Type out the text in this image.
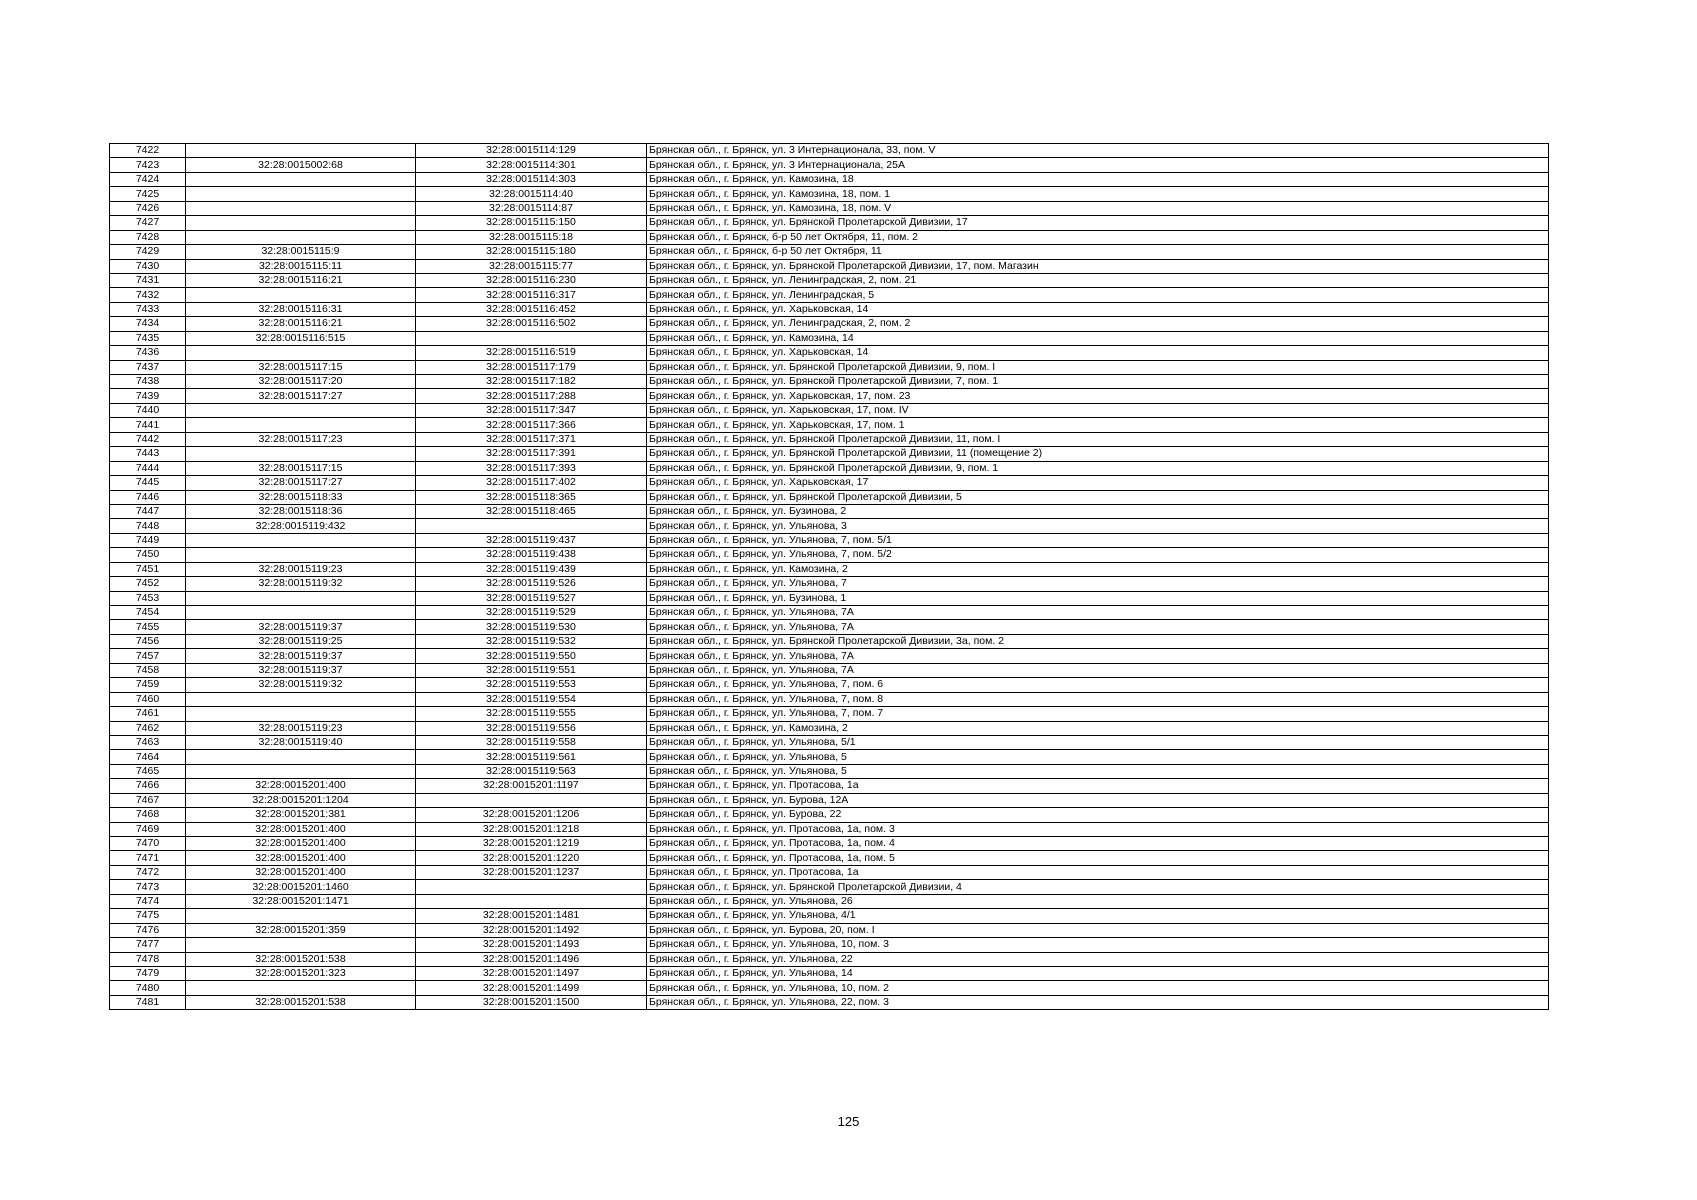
7422		32:28:0015114:129	Брянская обл., г. Брянск, ул. 3 Интернационала, 33, пом. V
7423	32:28:0015002:68	32:28:0015114:301	Брянская обл., г. Брянск, ул. 3 Интернационала, 25А
7424		32:28:0015114:303	Брянская обл., г. Брянск, ул. Камозина, 18
7425		32:28:0015114:40	Брянская обл., г. Брянск, ул. Камозина, 18, пом. 1
7426		32:28:0015114:87	Брянская обл., г. Брянск, ул. Камозина, 18, пом. V
7427		32:28:0015115:150	Брянская обл., г. Брянск, ул. Брянской Пролетарской Дивизии, 17
7428		32:28:0015115:18	Брянская обл., г. Брянск, б-р 50 лет Октября, 11, пом. 2
7429	32:28:0015115:9	32:28:0015115:180	Брянская обл., г. Брянск, б-р 50 лет Октября, 11
7430	32:28:0015115:11	32:28:0015115:77	Брянская обл., г. Брянск, ул. Брянской Пролетарской Дивизии, 17, пом. Магазин
7431	32:28:0015116:21	32:28:0015116:230	Брянская обл., г. Брянск, ул. Ленинградская, 2, пом. 21
7432		32:28:0015116:317	Брянская обл., г. Брянск, ул. Ленинградская, 5
7433	32:28:0015116:31	32:28:0015116:452	Брянская обл., г. Брянск, ул. Харьковская, 14
7434	32:28:0015116:21	32:28:0015116:502	Брянская обл., г. Брянск, ул. Ленинградская, 2, пом. 2
7435	32:28:0015116:515		Брянская обл., г. Брянск, ул. Камозина, 14
7436		32:28:0015116:519	Брянская обл., г. Брянск, ул. Харьковская, 14
7437	32:28:0015117:15	32:28:0015117:179	Брянская обл., г. Брянск, ул. Брянской Пролетарской Дивизии, 9, пом. I
7438	32:28:0015117:20	32:28:0015117:182	Брянская обл., г. Брянск, ул. Брянской Пролетарской Дивизии, 7, пом. 1
7439	32:28:0015117:27	32:28:0015117:288	Брянская обл., г. Брянск, ул. Харьковская, 17, пом. 23
7440		32:28:0015117:347	Брянская обл., г. Брянск, ул. Харьковская, 17, пом. IV
7441		32:28:0015117:366	Брянская обл., г. Брянск, ул. Харьковская, 17, пом. 1
7442	32:28:0015117:23	32:28:0015117:371	Брянская обл., г. Брянск, ул. Брянской Пролетарской Дивизии, 11, пом. I
7443		32:28:0015117:391	Брянская обл., г. Брянск, ул. Брянской Пролетарской Дивизии, 11 (помещение 2)
7444	32:28:0015117:15	32:28:0015117:393	Брянская обл., г. Брянск, ул. Брянской Пролетарской Дивизии, 9, пом. 1
7445	32:28:0015117:27	32:28:0015117:402	Брянская обл., г. Брянск, ул. Харьковская, 17
7446	32:28:0015118:33	32:28:0015118:365	Брянская обл., г. Брянск, ул. Брянской Пролетарской Дивизии, 5
7447	32:28:0015118:36	32:28:0015118:465	Брянская обл., г. Брянск, ул. Бузинова, 2
7448	32:28:0015119:432		Брянская обл., г. Брянск, ул. Ульянова, 3
7449		32:28:0015119:437	Брянская обл., г. Брянск, ул. Ульянова, 7, пом. 5/1
7450		32:28:0015119:438	Брянская обл., г. Брянск, ул. Ульянова, 7, пом. 5/2
7451	32:28:0015119:23	32:28:0015119:439	Брянская обл., г. Брянск, ул. Камозина, 2
7452	32:28:0015119:32	32:28:0015119:526	Брянская обл., г. Брянск, ул. Ульянова, 7
7453		32:28:0015119:527	Брянская обл., г. Брянск, ул. Бузинова, 1
7454		32:28:0015119:529	Брянская обл., г. Брянск, ул. Ульянова, 7А
7455	32:28:0015119:37	32:28:0015119:530	Брянская обл., г. Брянск, ул. Ульянова, 7А
7456	32:28:0015119:25	32:28:0015119:532	Брянская обл., г. Брянск, ул. Брянской Пролетарской Дивизии, 3а, пом. 2
7457	32:28:0015119:37	32:28:0015119:550	Брянская обл., г. Брянск, ул. Ульянова, 7А
7458	32:28:0015119:37	32:28:0015119:551	Брянская обл., г. Брянск, ул. Ульянова, 7А
7459	32:28:0015119:32	32:28:0015119:553	Брянская обл., г. Брянск, ул. Ульянова, 7, пом. 6
7460		32:28:0015119:554	Брянская обл., г. Брянск, ул. Ульянова, 7, пом. 8
7461		32:28:0015119:555	Брянская обл., г. Брянск, ул. Ульянова, 7, пом. 7
7462	32:28:0015119:23	32:28:0015119:556	Брянская обл., г. Брянск, ул. Камозина, 2
7463	32:28:0015119:40	32:28:0015119:558	Брянская обл., г. Брянск, ул. Ульянова, 5/1
7464		32:28:0015119:561	Брянская обл., г. Брянск, ул. Ульянова, 5
7465		32:28:0015119:563	Брянская обл., г. Брянск, ул. Ульянова, 5
7466	32:28:0015201:400	32:28:0015201:1197	Брянская обл., г. Брянск, ул. Протасова, 1а
7467	32:28:0015201:1204		Брянская обл., г. Брянск, ул. Бурова, 12А
7468	32:28:0015201:381	32:28:0015201:1206	Брянская обл., г. Брянск, ул. Бурова, 22
7469	32:28:0015201:400	32:28:0015201:1218	Брянская обл., г. Брянск, ул. Протасова, 1а, пом. 3
7470	32:28:0015201:400	32:28:0015201:1219	Брянская обл., г. Брянск, ул. Протасова, 1а, пом. 4
7471	32:28:0015201:400	32:28:0015201:1220	Брянская обл., г. Брянск, ул. Протасова, 1а, пом. 5
7472	32:28:0015201:400	32:28:0015201:1237	Брянская обл., г. Брянск, ул. Протасова, 1а
7473	32:28:0015201:1460		Брянская обл., г. Брянск, ул. Брянской Пролетарской Дивизии, 4
7474	32:28:0015201:1471		Брянская обл., г. Брянск, ул. Ульянова, 26
7475		32:28:0015201:1481	Брянская обл., г. Брянск, ул. Ульянова, 4/1
7476	32:28:0015201:359	32:28:0015201:1492	Брянская обл., г. Брянск, ул. Бурова, 20, пом. I
7477		32:28:0015201:1493	Брянская обл., г. Брянск, ул. Ульянова, 10, пом. 3
7478	32:28:0015201:538	32:28:0015201:1496	Брянская обл., г. Брянск, ул. Ульянова, 22
7479	32:28:0015201:323	32:28:0015201:1497	Брянская обл., г. Брянск, ул. Ульянова, 14
7480		32:28:0015201:1499	Брянская обл., г. Брянск, ул. Ульянова, 10, пом. 2
7481	32:28:0015201:538	32:28:0015201:1500	Брянская обл., г. Брянск, ул. Ульянова, 22, пом. 3
125
